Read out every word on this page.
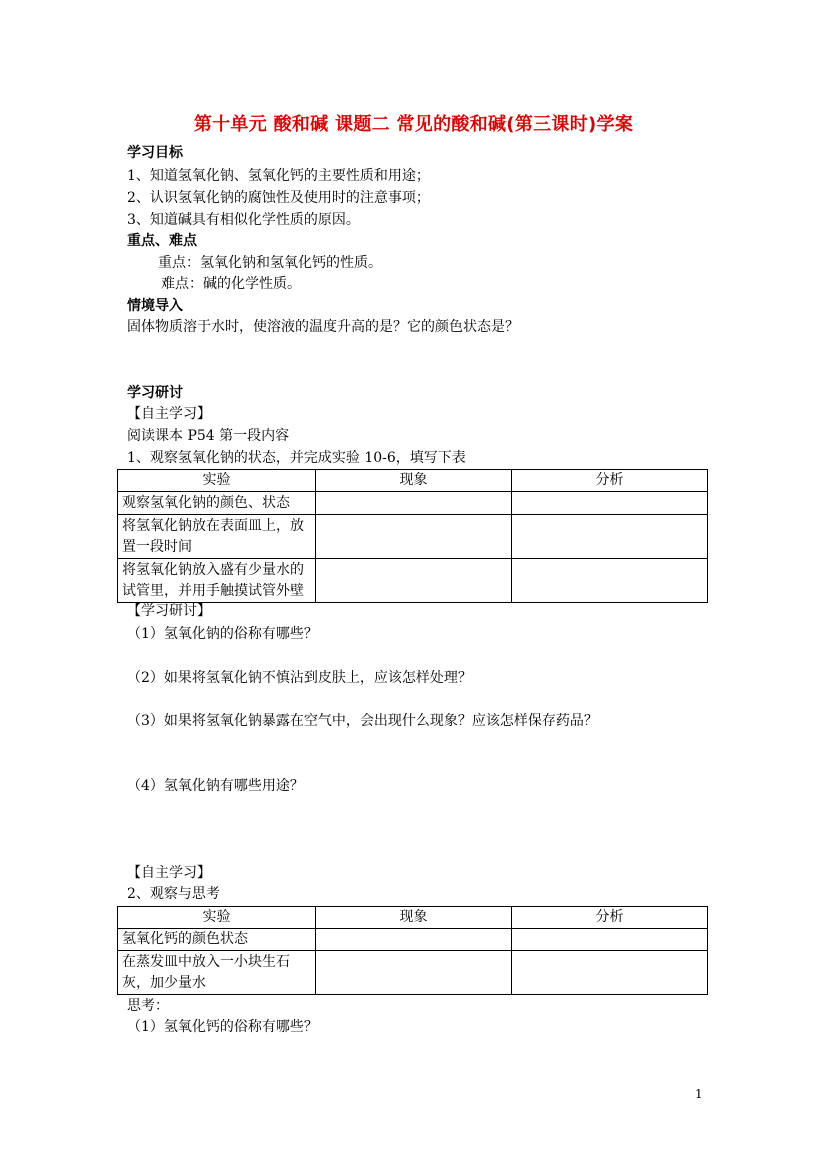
第十单元 酸和碱 课题二 常见的酸和碱(第三课时)学案
学习目标
1、知道氢氧化钠、氢氧化钙的主要性质和用途；
2、认识氢氧化钠的腐蚀性及使用时的注意事项；
3、知道碱具有相似化学性质的原因。
重点、难点
重点：氢氧化钠和氢氧化钙的性质。
难点：碱的化学性质。
情境导入
固体物质溶于水时，使溶液的温度升高的是？它的颜色状态是？
学习研讨
【自主学习】
阅读课本 P54 第一段内容
1、观察氢氧化钠的状态，并完成实验 10-6，填写下表
实验	现象	分析
观察氢氧化钠的颜色、状态		
将氢氧化钠放在表面皿上，放置一段时间		
将氢氧化钠放入盛有少量水的试管里，并用手触摸试管外壁		
【学习研讨】
（1）氢氧化钠的俗称有哪些？
（2）如果将氢氧化钠不慎沾到皮肤上，应该怎样处理？
（3）如果将氢氧化钠暴露在空气中，会出现什么现象？应该怎样保存药品？
（4）氢氧化钠有哪些用途？
【自主学习】
2、观察与思考
实验	现象	分析
氢氧化钙的颜色状态		
在蒸发皿中放入一小块生石灰，加少量水		
思考：
（1）氢氧化钙的俗称有哪些？
1
